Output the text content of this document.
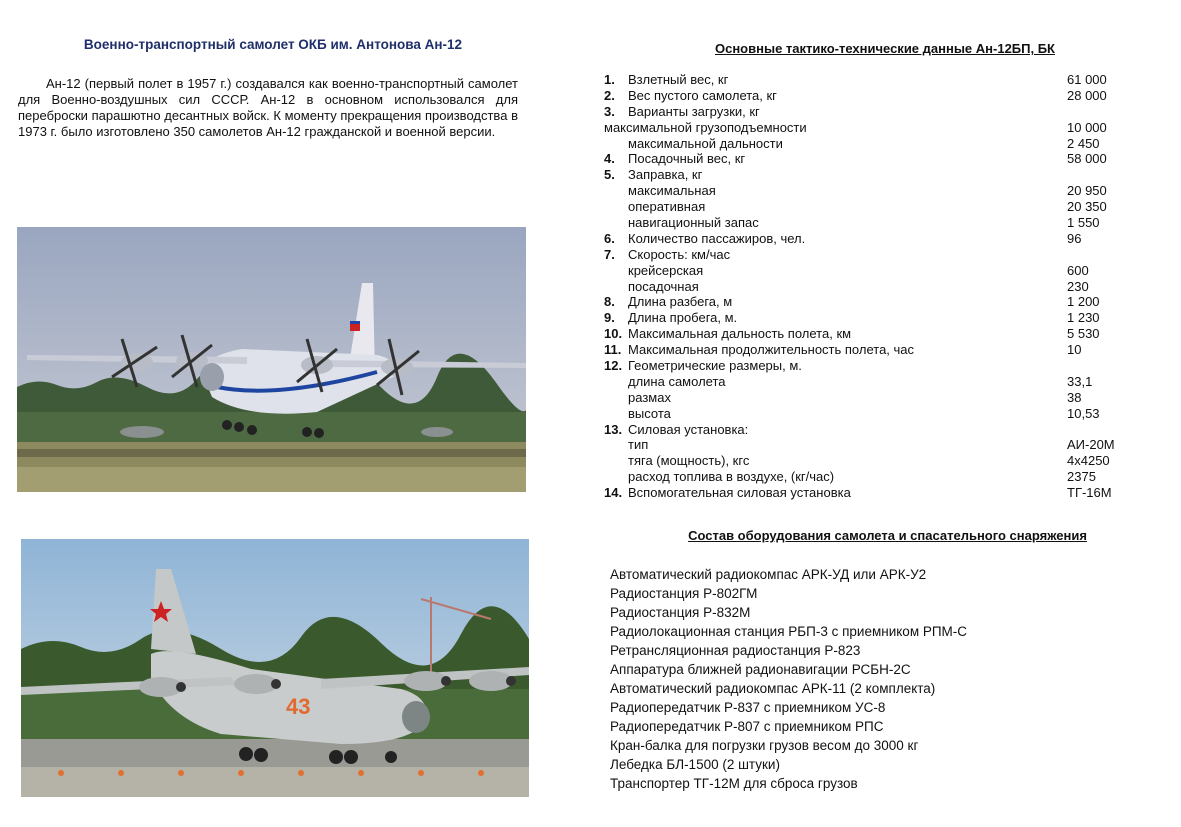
Военно-транспортный самолет ОКБ им. Антонова Ан-12

Ан-12 (первый полет в 1957 г.) создавался как военно-транспортный самолет для Военно-воздушных сил СССР. Ан-12 в основном использовался для переброски парашютно десантных войск. К моменту прекращения производства в 1973 г. было изготовлено 350 самолетов Ан-12 гражданской и военной версии.

43
Основные тактико-технические данные Ан-12БП, БК
1.	Взлетный вес, кг	61 000
2.	Вес пустого самолета, кг	28 000
3.	Варианты загрузки, кг
максимальной грузоподъемности	10 000
максимальной дальности	2 450
4.	Посадочный вес, кг	58 000
5.	Заправка, кг
максимальная	20 950
оперативная	20 350
навигационный запас	1 550
6.	Количество пассажиров, чел.	96
7.	Скорость: км/час
крейсерская	600
посадочная	230
8.	Длина разбега, м	1 200
9.	Длина пробега, м.	1 230
10. Максимальная дальность полета, км	5 530
11. Максимальная продолжительность полета, час	10
12. Геометрические размеры, м.
длина самолета	33,1
размах	38
высота	10,53
13. Силовая установка:
тип	АИ-20М
тяга (мощность), кгс	4x4250
расход топлива в воздухе, (кг/час)	2375
14. Вспомогательная силовая установка	ТГ-16М
Состав оборудования самолета и спасательного снаряжения
Автоматический радиокомпас АРК-УД или АРК-У2
Радиостанция Р-802ГМ
Радиостанция Р-832М
Радиолокационная станция РБП-3 с приемником РПМ-С
Ретрансляционная радиостанция Р-823
Аппаратура ближней радионавигации РСБН-2С
Автоматический радиокомпас АРК-11 (2 комплекта)
Радиопередатчик Р-837 с приемником УС-8
Радиопередатчик Р-807 с приемником РПС
Кран-балка для погрузки грузов весом до 3000 кг
Лебедка БЛ-1500 (2 штуки)
Транспортер ТГ-12М для сброса грузов
